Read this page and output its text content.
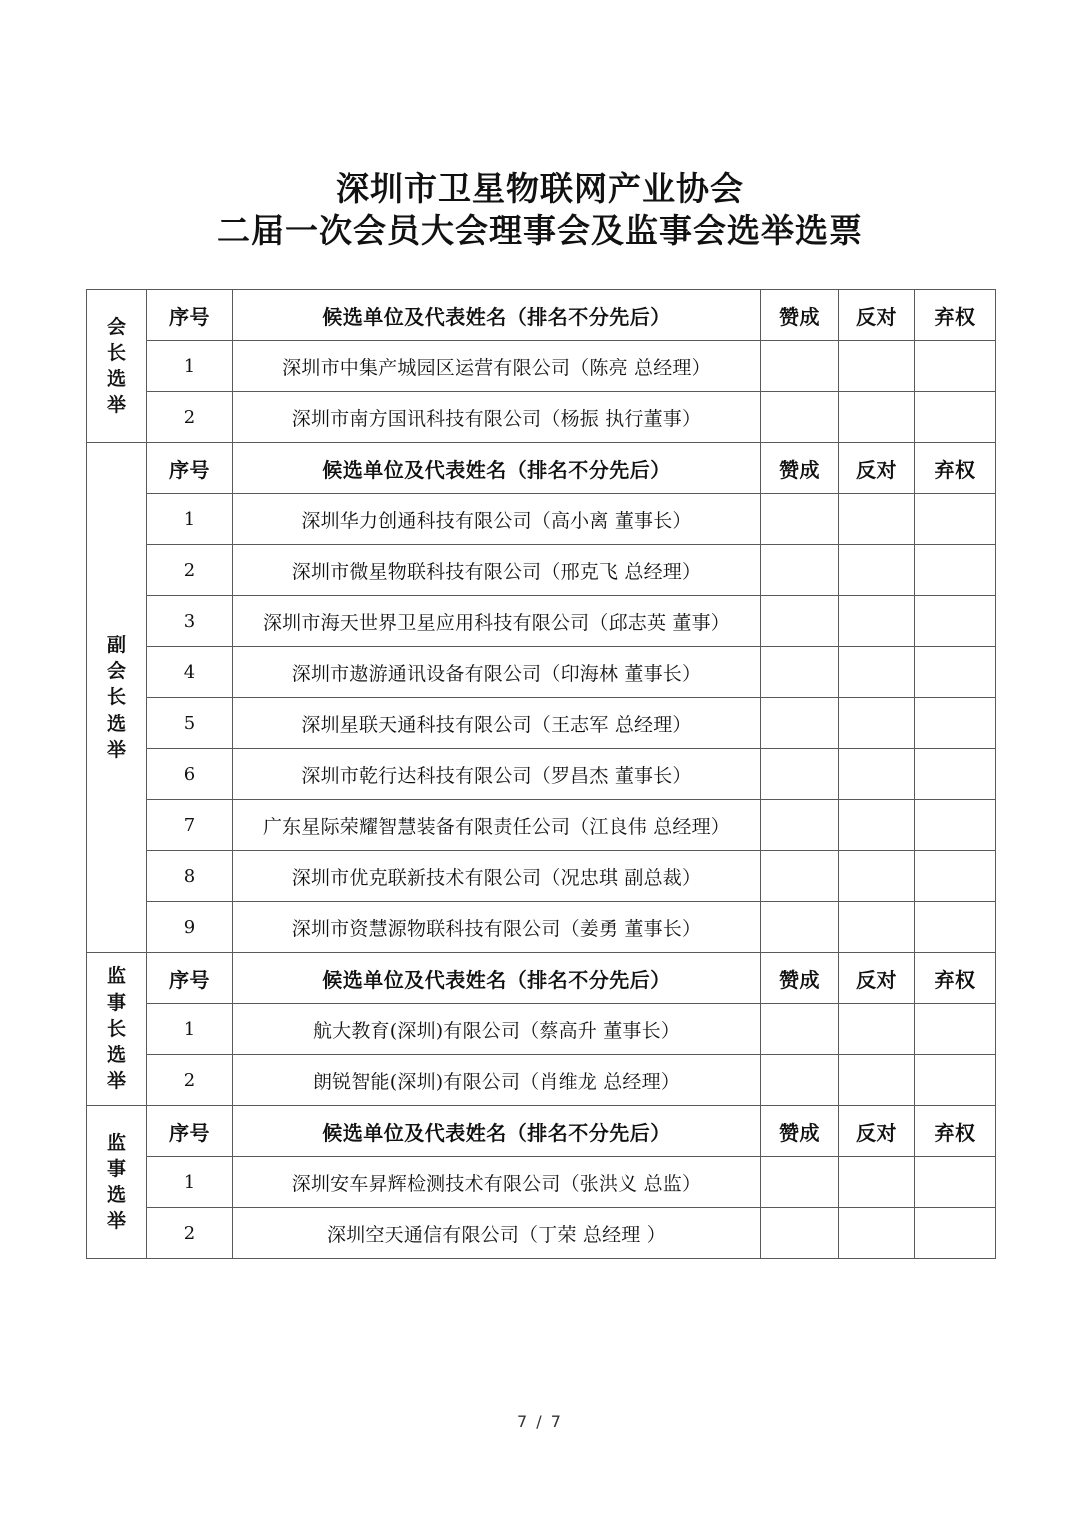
深圳市卫星物联网产业协会
二届一次会员大会理事会及监事会选举选票
会长选举	序号	候选单位及代表姓名（排名不分先后）	赞成	反对	弃权
	1	深圳市中集产城园区运营有限公司（陈亮 总经理）			
	2	深圳市南方国讯科技有限公司（杨振 执行董事）			

副会长选举	序号	候选单位及代表姓名（排名不分先后）	赞成	反对	弃权
	1	深圳华力创通科技有限公司（高小离 董事长）			
	2	深圳市微星物联科技有限公司（邢克飞 总经理）			
	3	深圳市海天世界卫星应用科技有限公司（邱志英 董事）			
	4	深圳市遨游通讯设备有限公司（印海林 董事长）			
	5	深圳星联天通科技有限公司（王志军 总经理）			
	6	深圳市乾行达科技有限公司（罗昌杰 董事长）			
	7	广东星际荣耀智慧装备有限责任公司（江良伟 总经理）			
	8	深圳市优克联新技术有限公司（况忠琪 副总裁）			
	9	深圳市资慧源物联科技有限公司（姜勇 董事长）			

监事长选举	序号	候选单位及代表姓名（排名不分先后）	赞成	反对	弃权
	1	航大教育(深圳)有限公司（蔡高升 董事长）			
	2	朗锐智能(深圳)有限公司（肖维龙 总经理）			

监事选举	序号	候选单位及代表姓名（排名不分先后）	赞成	反对	弃权
	1	深圳安车昇辉检测技术有限公司（张洪义 总监）			
	2	深圳空天通信有限公司（丁荣 总经理 ）			
7 / 7
